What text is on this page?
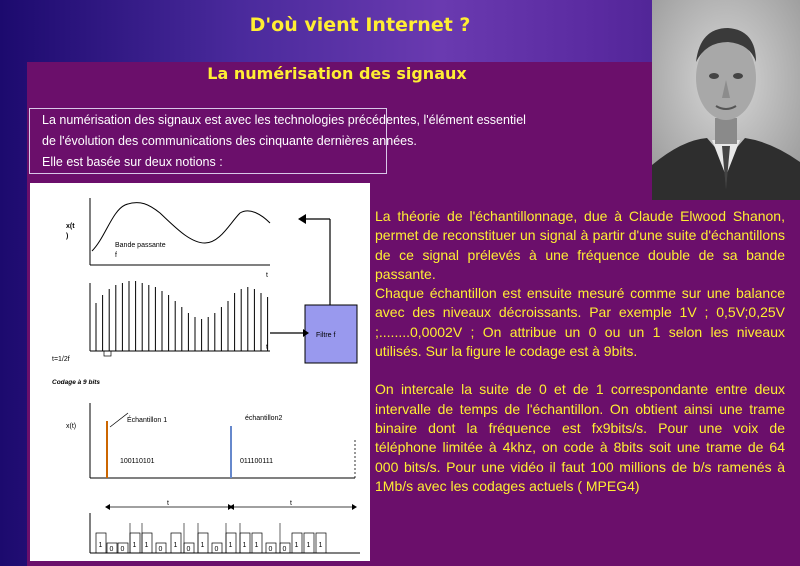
D'où vient Internet ?
La numérisation des signaux
La numérisation des signaux est avec les technologies précédentes, l'élément essentiel
de l'évolution des communications des cinquante dernières années.
Elle est basée sur deux notions :
x(t
)
Bande passante
f
t
t
t=1/2f
Filtre f
Codage à 9 bits
x(t)
Échantillon 1	échantillon2
100110101	011100111
t	t
1
0 0
1 1
0
1
0
1
0
1 1 1
0 0
1 1 1

La théorie de l'échantillonnage, due à Claude Elwood Shanon, permet de reconstituer un signal à partir d'une suite d'échantillons de ce signal prélevés à une fréquence double de sa bande passante.

Chaque échantillon est ensuite mesuré comme sur une balance avec des niveaux décroissants. Par exemple 1V ; 0,5V;0,25V ;........0,0002V ; On attribue un 0 ou un 1 selon les niveaux utilisés. Sur la figure le codage est à 9bits.

On intercale la suite de 0 et de 1 correspondante entre deux intervalle de temps de l'échantillon. On obtient ainsi une trame binaire dont la fréquence est fx9bits/s. Pour une voix de téléphone limitée à 4khz, on code à 8bits soit une trame de 64 000 bits/s. Pour une vidéo il faut 100 millions de b/s ramenés à 1Mb/s avec les codages actuels ( MPEG4)
